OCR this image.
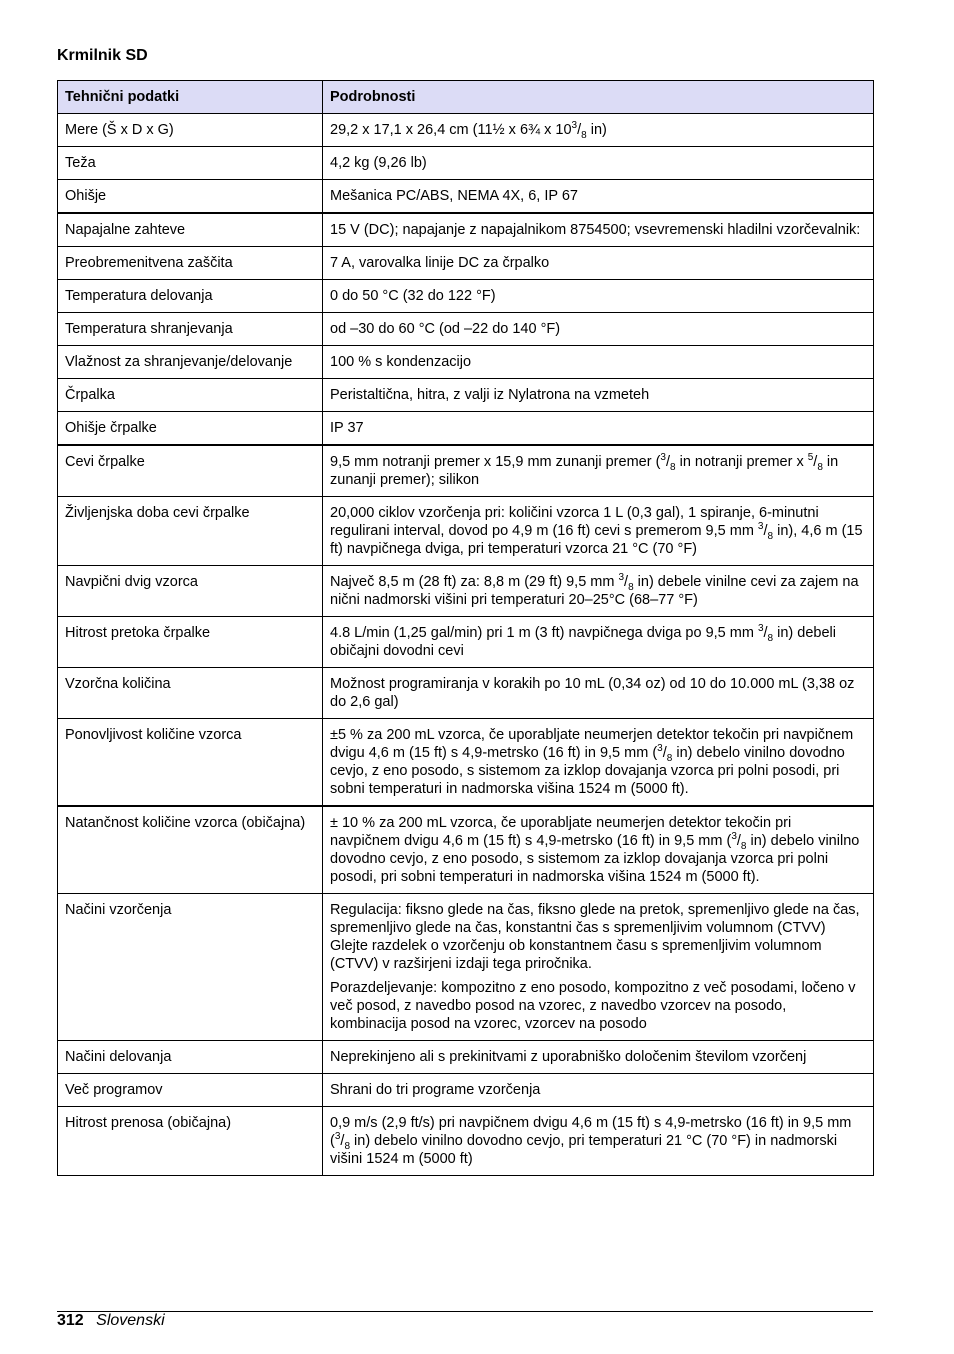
Krmilnik SD
Tehnični podatki	Podrobnosti
Mere (Š x D x G)	29,2 x 17,1 x 26,4 cm (11½ x 6¾ x $10^3/_8$ in)
Teža	4,2 kg (9,26 lb)
Ohišje	Mešanica PC/ABS, NEMA 4X, 6, IP 67
Napajalne zahteve	15 V (DC); napajanje z napajalnikom 8754500; vsevremenski hladilni vzorčevalnik:
Preobremenitvena zaščita	7 A, varovalka linije DC za črpalko
Temperatura delovanja	0 do 50 °C (32 do 122 °F)
Temperatura shranjevanja	od –30 do 60 °C (od –22 do 140 °F)
Vlažnost za shranjevanje/delovanje	100 % s kondenzacijo
Črpalka	Peristaltična, hitra, z valji iz Nylatrona na vzmeteh
Ohišje črpalke	IP 37
Cevi črpalke	9,5 mm notranji premer x 15,9 mm zunanji premer ($^3/_8$ in notranji premer x $^5/_8$ in zunanji premer); silikon
Življenjska doba cevi črpalke	20,000 ciklov vzorčenja pri: količini vzorca 1 L (0,3 gal), 1 spiranje, 6-minutni regulirani interval, dovod po 4,9 m (16 ft) cevi s premerom 9,5 mm $^3/_8$ in), 4,6 m (15 ft) navpičnega dviga, pri temperaturi vzorca 21 °C (70 °F)
Navpični dvig vzorca	Največ 8,5 m (28 ft) za: 8,8 m (29 ft) 9,5 mm $^3/_8$ in) debele vinilne cevi za zajem na nični nadmorski višini pri temperaturi 20–25°C (68–77 °F)
Hitrost pretoka črpalke	4.8 L/min (1,25 gal/min) pri 1 m (3 ft) navpičnega dviga po 9,5 mm $^3/_8$ in) debeli običajni dovodni cevi
Vzorčna količina	Možnost programiranja v korakih po 10 mL (0,34 oz) od 10 do 10.000 mL (3,38 oz do 2,6 gal)
Ponovljivost količine vzorca	±5 % za 200 mL vzorca, če uporabljate neumerjen detektor tekočin pri navpičnem dvigu 4,6 m (15 ft) s 4,9-metrsko (16 ft) in 9,5 mm ($^3/_8$ in) debelo vinilno dovodno cevjo, z eno posodo, s sistemom za izklop dovajanja vzorca pri polni posodi, pri sobni temperaturi in nadmorska višina 1524 m (5000 ft).
Natančnost količine vzorca (običajna)	± 10 % za 200 mL vzorca, če uporabljate neumerjen detektor tekočin pri navpičnem dvigu 4,6 m (15 ft) s 4,9-metrsko (16 ft) in 9,5 mm ($^3/_8$ in) debelo vinilno dovodno cevjo, z eno posodo, s sistemom za izklop dovajanja vzorca pri polni posodi, pri sobni temperaturi in nadmorska višina 1524 m (5000 ft).
Načini vzorčenja	Regulacija: fiksno glede na čas, fiksno glede na pretok, spremenljivo glede na čas, spremenljivo glede na čas, konstantni čas s spremenljivim volumnom (CTVV)
Glejte razdelek o vzorčenju ob konstantnem času s spremenljivim volumnom (CTVV) v razširjeni izdaji tega priročnika.
Porazdeljevanje: kompozitno z eno posodo, kompozitno z več posodami, ločeno v več posod, z navedbo posod na vzorec, z navedbo vzorcev na posodo, kombinacija posod na vzorec, vzorcev na posodo

Načini delovanja	Neprekinjeno ali s prekinitvami z uporabniško določenim številom vzorčenj
Več programov	Shrani do tri programe vzorčenja
Hitrost prenosa (običajna)	0,9 m/s (2,9 ft/s) pri navpičnem dvigu 4,6 m (15 ft) s 4,9-metrsko (16 ft) in 9,5 mm ($^3/_8$ in) debelo vinilno dovodno cevjo, pri temperaturi 21 °C (70 °F) in nadmorski višini 1524 m (5000 ft)
312 Slovenski
